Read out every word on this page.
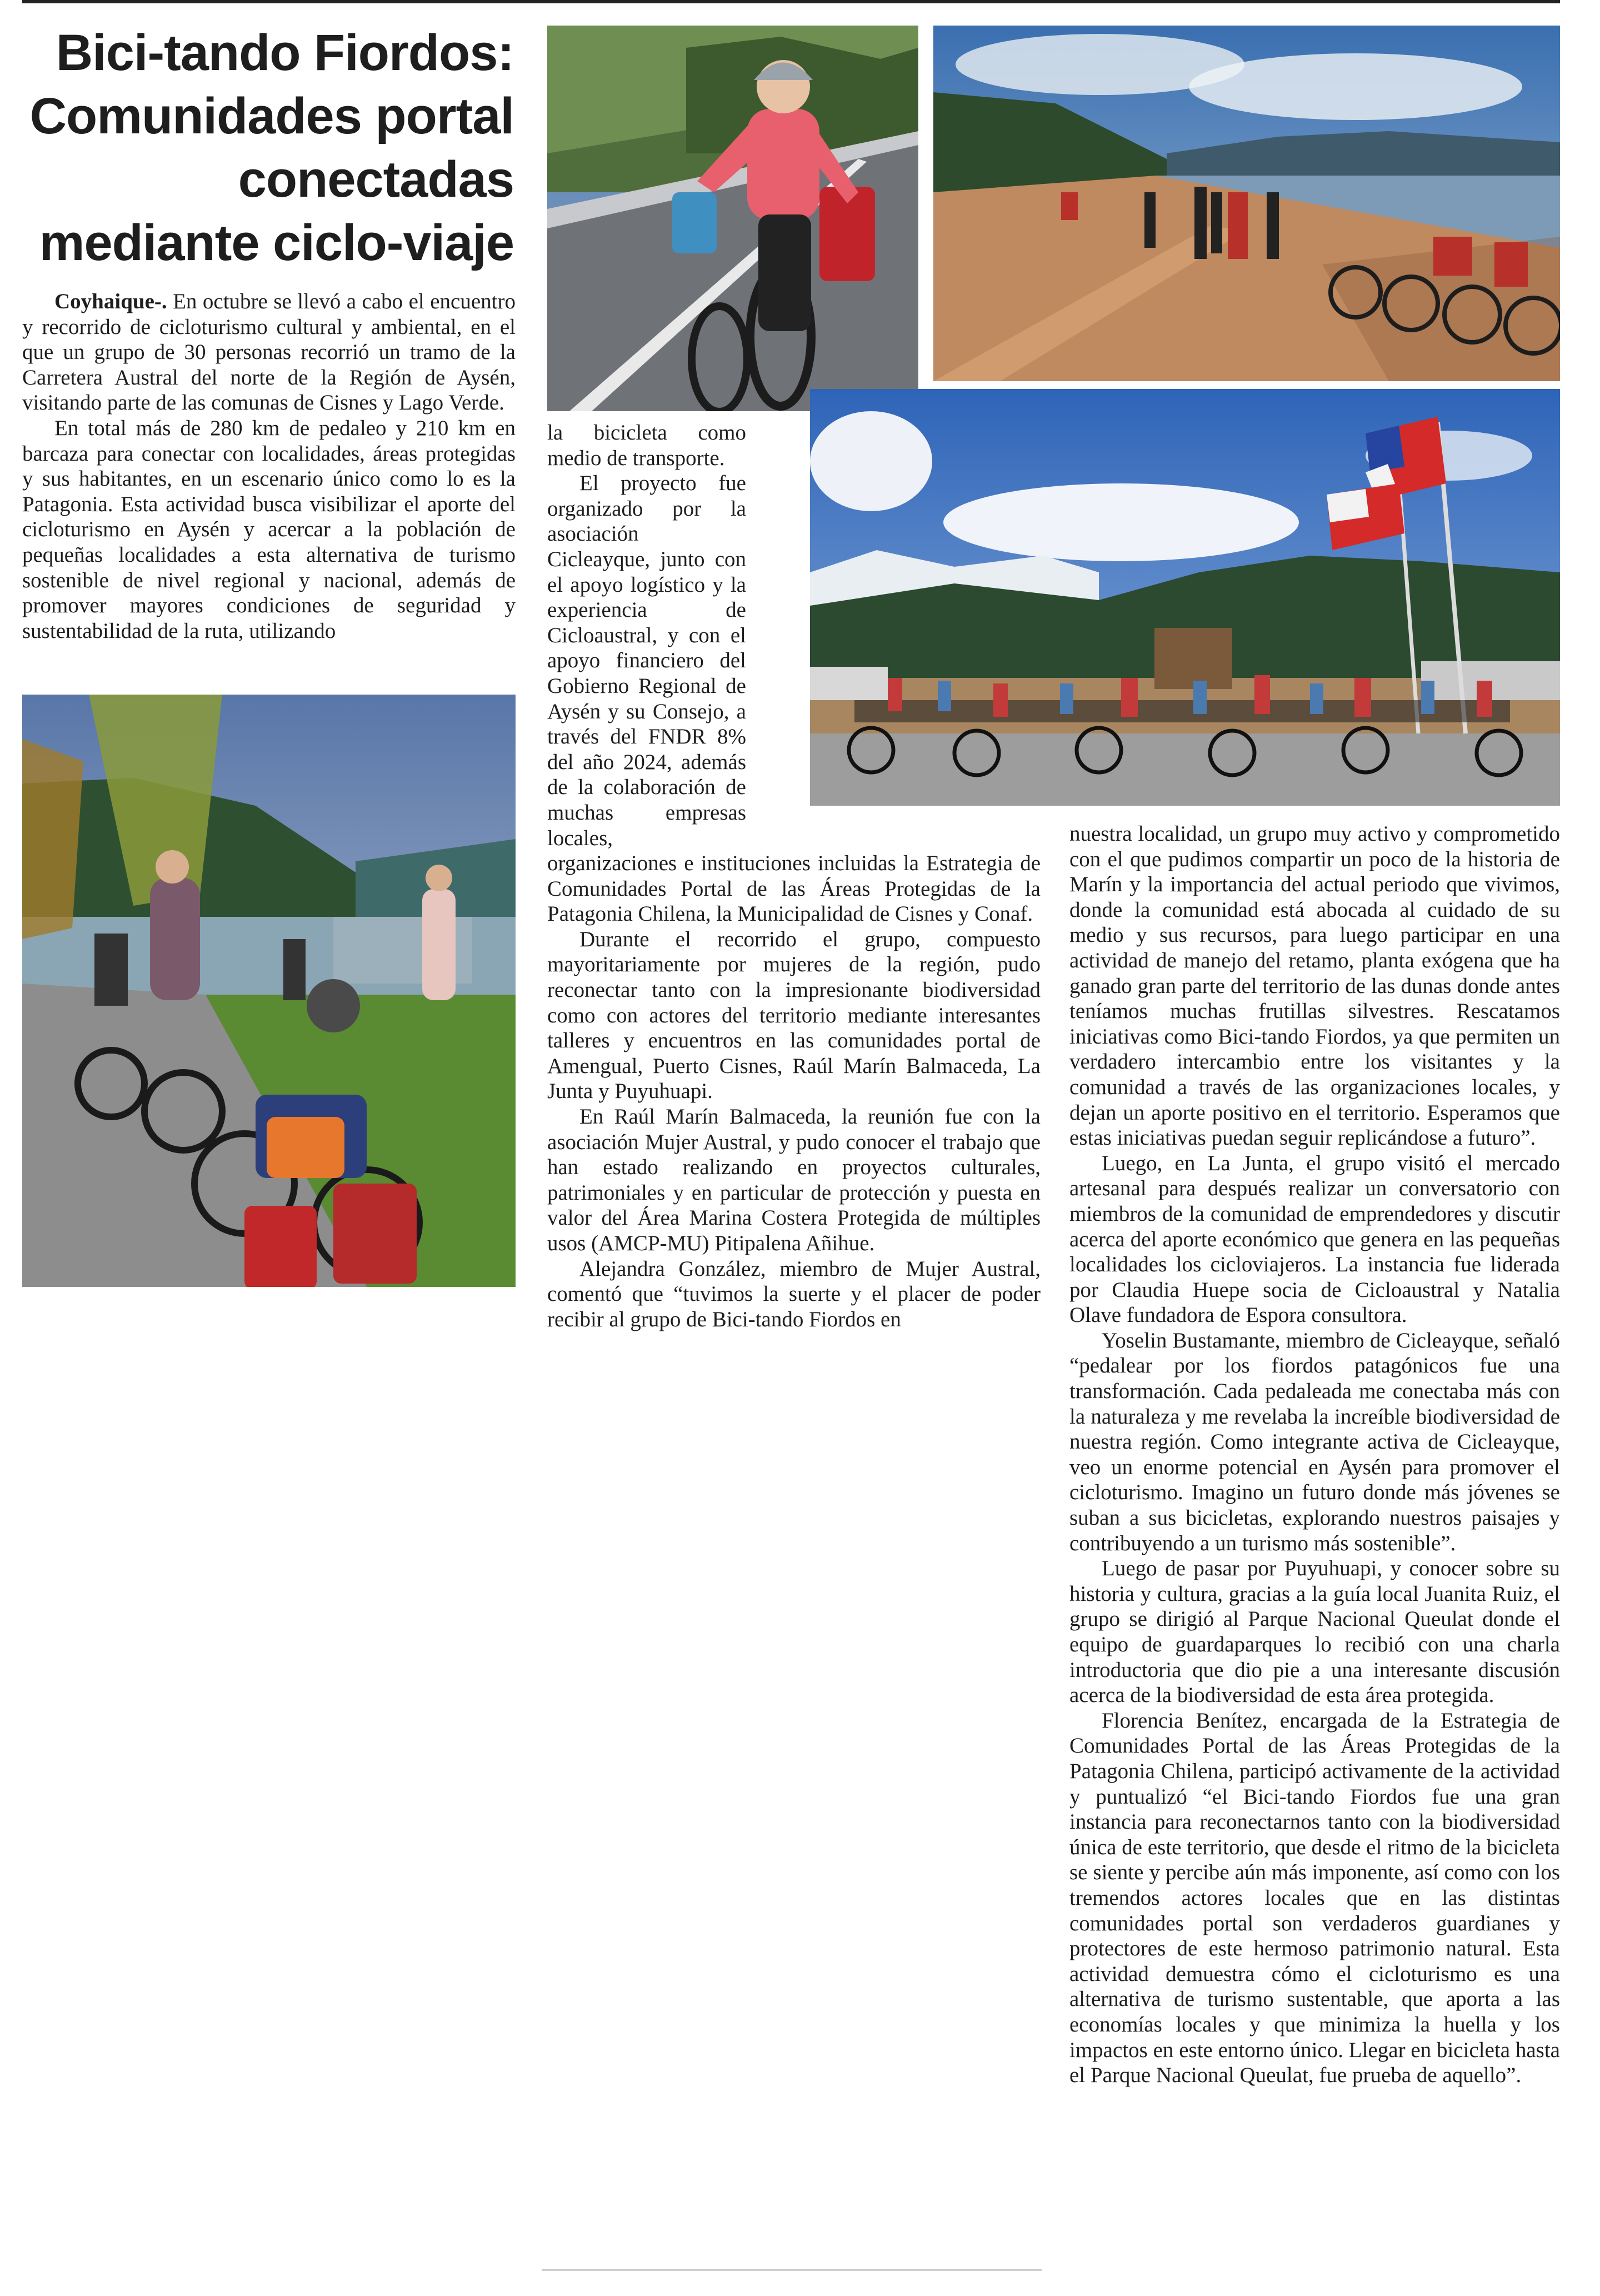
Bici-tando Fiordos: Comunidades portal conectadas mediante ciclo-viaje

Coyhaique-. En octubre se llevó a cabo el encuentro y recorrido de cicloturismo cultural y ambiental, en el que un grupo de 30 personas recorrió un tramo de la Carretera Austral del norte de la Región de Aysén, visitando parte de las comunas de Cisnes y Lago Verde.

En total más de 280 km de pedaleo y 210 km en barcaza para conectar con localidades, áreas protegidas y sus habitantes, en un escenario único como lo es la Patagonia. Esta actividad busca visibilizar el aporte del cicloturismo en Aysén y acercar a la población de pequeñas localidades a esta alternativa de turismo sostenible de nivel regional y nacional, además de promover mayores condiciones de seguridad y sustentabilidad de la ruta, utilizando

la bicicleta como medio de transporte.

El proyecto fue organizado por la asociación Cicleayque, junto con el apoyo logístico y la experiencia de Cicloaustral, y con el apoyo financiero del Gobierno Regional de Aysén y su Consejo, a través del FNDR 8% del año 2024, además de la colaboración de muchas empresas locales, organizaciones e instituciones incluidas la Estrategia de Comunidades Portal de las Áreas Protegidas de la Patagonia Chilena, la Municipalidad de Cisnes y Conaf.

Durante el recorrido el grupo, compuesto mayoritariamente por mujeres de la región, pudo reconectar tanto con la impresionante biodiversidad como con actores del territorio mediante interesantes talleres y encuentros en las comunidades portal de Amengual, Puerto Cisnes, Raúl Marín Balmaceda, La Junta y Puyuhuapi.

En Raúl Marín Balmaceda, la reunión fue con la asociación Mujer Austral, y pudo conocer el trabajo que han estado realizando en proyectos culturales, patrimoniales y en particular de protección y puesta en valor del Área Marina Costera Protegida de múltiples usos (AMCP-MU) Pitipalena Añihue.

Alejandra González, miembro de Mujer Austral, comentó que “tuvimos la suerte y el placer de poder recibir al grupo de Bici-tando Fiordos en

nuestra localidad, un grupo muy activo y comprometido con el que pudimos compartir un poco de la historia de Marín y la importancia del actual periodo que vivimos, donde la comunidad está abocada al cuidado de su medio y sus recursos, para luego participar en una actividad de manejo del retamo, planta exógena que ha ganado gran parte del territorio de las dunas donde antes teníamos muchas frutillas silvestres. Rescatamos iniciativas como Bici-tando Fiordos, ya que permiten un verdadero intercambio entre los visitantes y la comunidad a través de las organizaciones locales, y dejan un aporte positivo en el territorio. Esperamos que estas iniciativas puedan seguir replicándose a futuro”.

Luego, en La Junta, el grupo visitó el mercado artesanal para después realizar un conversatorio con miembros de la comunidad de emprendedores y discutir acerca del aporte económico que genera en las pequeñas localidades los cicloviajeros. La instancia fue liderada por Claudia Huepe socia de Cicloaustral y Natalia Olave fundadora de Espora consultora.

Yoselin Bustamante, miembro de Cicleayque, señaló “pedalear por los fiordos patagónicos fue una transformación. Cada pedaleada me conectaba más con la naturaleza y me revelaba la increíble biodiversidad de nuestra región. Como integrante activa de Cicleayque, veo un enorme potencial en Aysén para promover el cicloturismo. Imagino un futuro donde más jóvenes se suban a sus bicicletas, explorando nuestros paisajes y contribuyendo a un turismo más sostenible”.

Luego de pasar por Puyuhuapi, y conocer sobre su historia y cultura, gracias a la guía local Juanita Ruiz, el grupo se dirigió al Parque Nacional Queulat donde el equipo de guardaparques lo recibió con una charla introductoria que dio pie a una interesante discusión acerca de la biodiversidad de esta área protegida.

Florencia Benítez, encargada de la Estrategia de Comunidades Portal de las Áreas Protegidas de la Patagonia Chilena, participó activamente de la actividad y puntualizó “el Bici-tando Fiordos fue una gran instancia para reconectarnos tanto con la biodiversidad única de este territorio, que desde el ritmo de la bicicleta se siente y percibe aún más imponente, así como con los tremendos actores locales que en las distintas comunidades portal son verdaderos guardianes y protectores de este hermoso patrimonio natural. Esta actividad demuestra cómo el cicloturismo es una alternativa de turismo sustentable, que aporta a las economías locales y que minimiza la huella y los impactos en este entorno único. Llegar en bicicleta hasta el Parque Nacional Queulat, fue prueba de aquello”.
